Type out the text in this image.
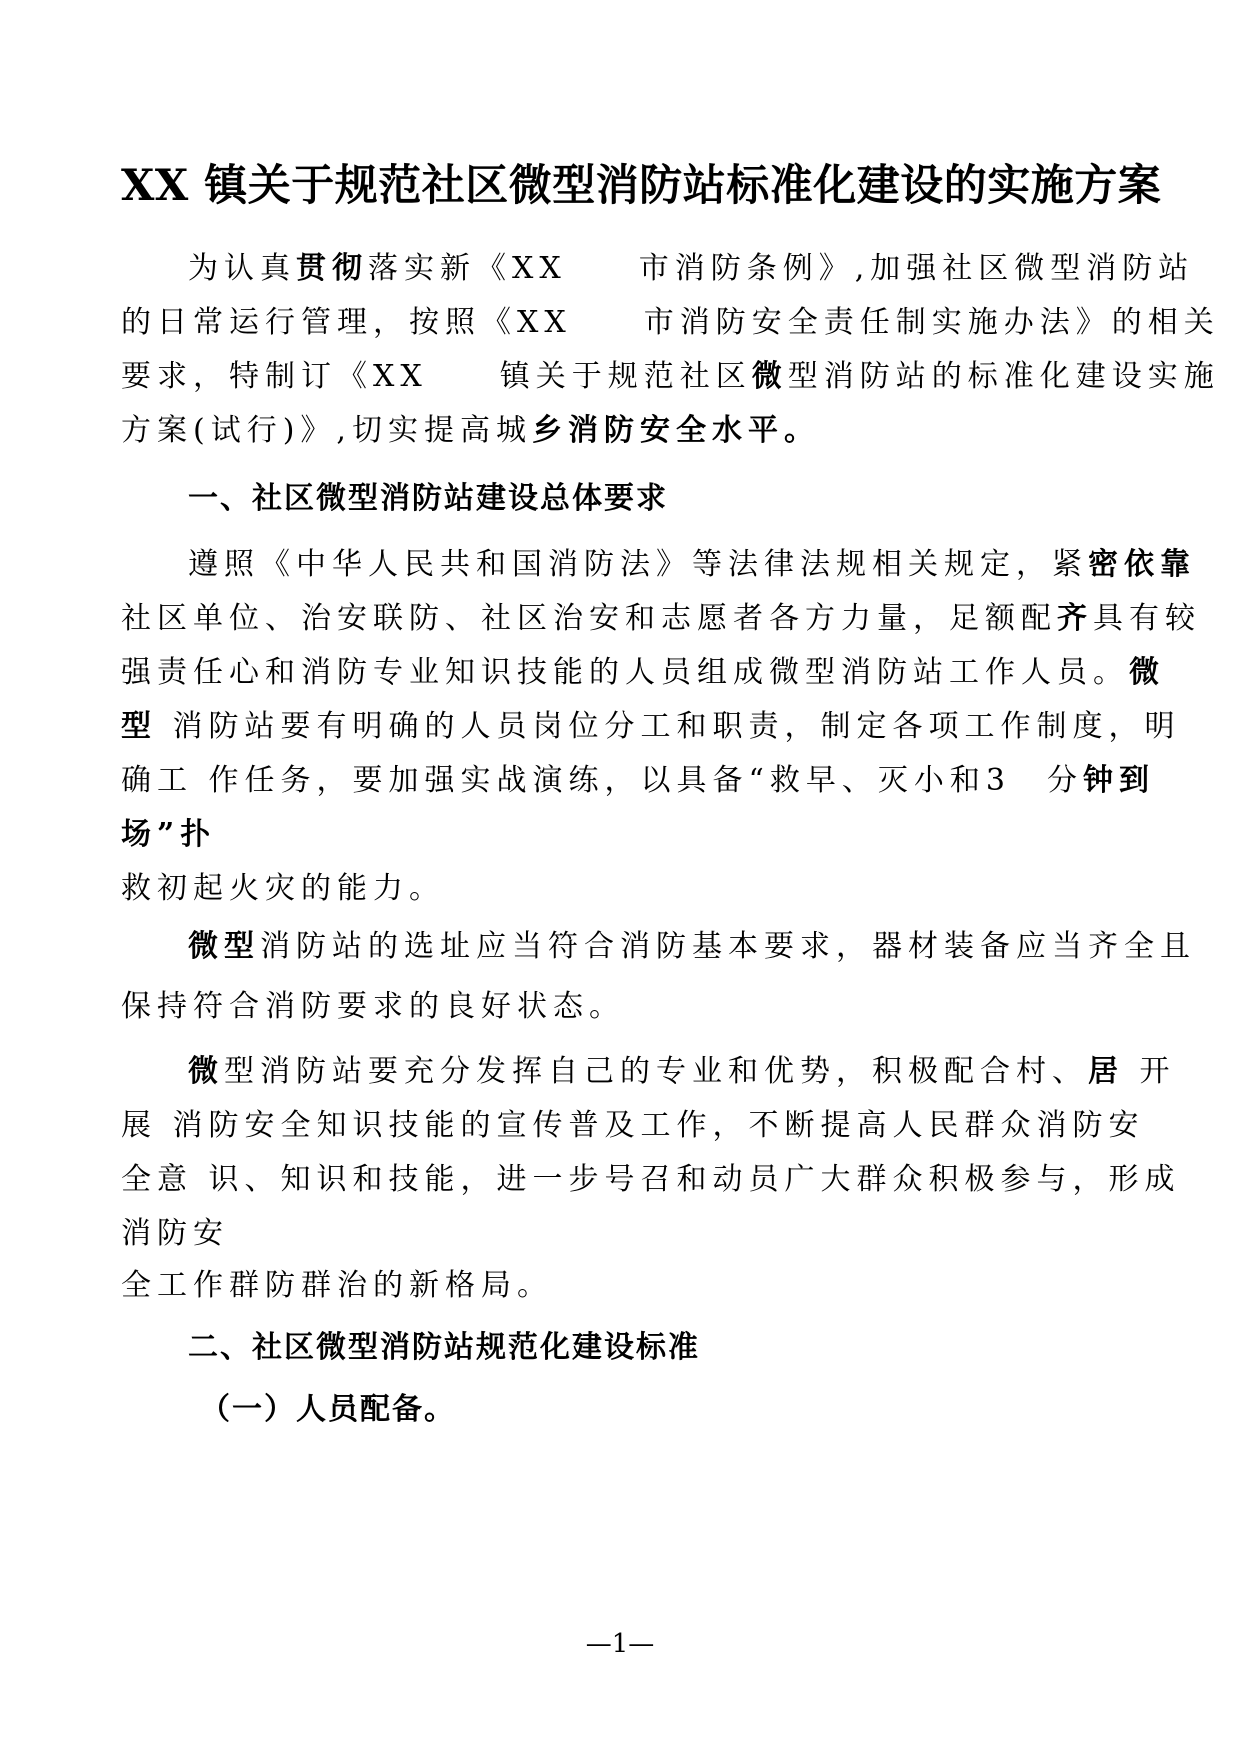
XX 镇关于规范社区微型消防站标准化建设的实施方案
为认真贯彻落实新《XX　　市消防条例》,加强社区微型消防站
的日常运行管理，按照《XX　　市消防安全责任制实施办法》的相关
要求，特制订《XX　　镇关于规范社区微型消防站的标准化建设实施
方案(试行)》,切实提高城乡消防安全水平。
一、社区微型消防站建设总体要求
遵照《中华人民共和国消防法》等法律法规相关规定，紧密依靠
社区单位、治安联防、社区治安和志愿者各方力量，足额配齐具有较
强责任心和消防专业知识技能的人员组成微型消防站工作人员。微
型 消防站要有明确的人员岗位分工和职责，制定各项工作制度，明
确工 作任务，要加强实战演练，以具备“救早、灭小和3　分钟到
场”扑
救初起火灾的能力。
微型消防站的选址应当符合消防基本要求，器材装备应当齐全且
保持符合消防要求的良好状态。
微型消防站要充分发挥自己的专业和优势，积极配合村、居 开
展 消防安全知识技能的宣传普及工作，不断提高人民群众消防安
全意 识、知识和技能，进一步号召和动员广大群众积极参与，形成
消防安
全工作群防群治的新格局。
二、社区微型消防站规范化建设标准
（一）人员配备。
—1—
